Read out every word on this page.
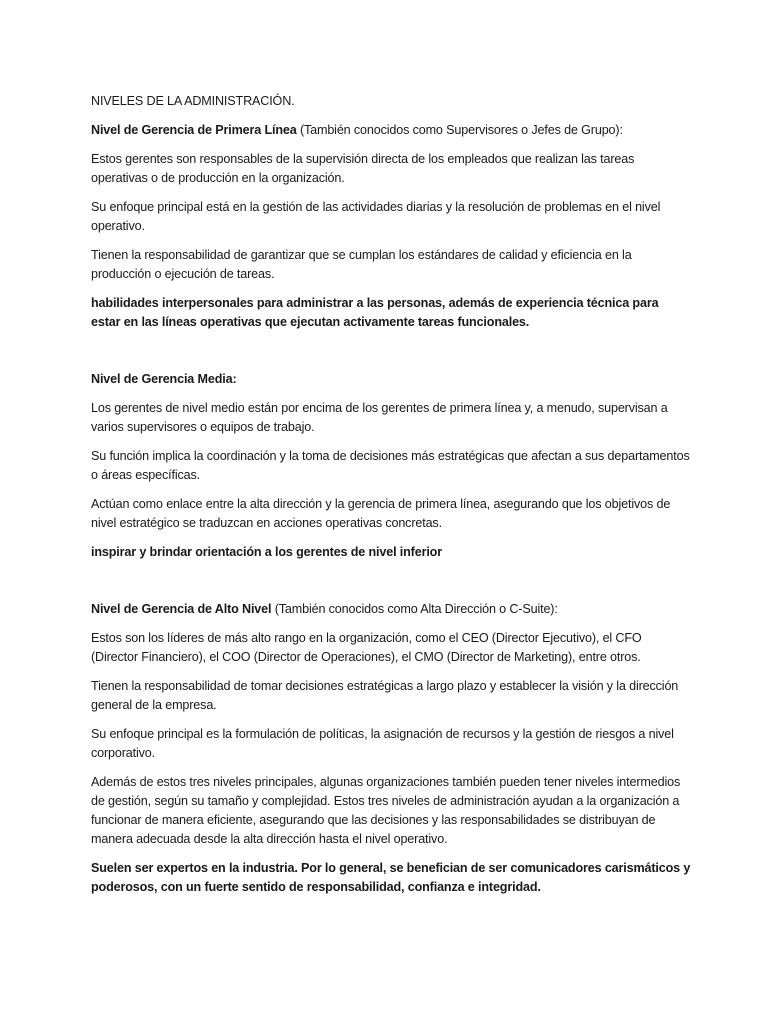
NIVELES DE LA ADMINISTRACIÓN.

Nivel de Gerencia de Primera Línea (También conocidos como Supervisores o Jefes de Grupo):

Estos gerentes son responsables de la supervisión directa de los empleados que realizan las tareas operativas o de producción en la organización.

Su enfoque principal está en la gestión de las actividades diarias y la resolución de problemas en el nivel operativo.

Tienen la responsabilidad de garantizar que se cumplan los estándares de calidad y eficiencia en la producción o ejecución de tareas.

habilidades interpersonales para administrar a las personas, además de experiencia técnica para estar en las líneas operativas que ejecutan activamente tareas funcionales.

Nivel de Gerencia Media:

Los gerentes de nivel medio están por encima de los gerentes de primera línea y, a menudo, supervisan a varios supervisores o equipos de trabajo.

Su función implica la coordinación y la toma de decisiones más estratégicas que afectan a sus departamentos o áreas específicas.

Actúan como enlace entre la alta dirección y la gerencia de primera línea, asegurando que los objetivos de nivel estratégico se traduzcan en acciones operativas concretas.

inspirar y brindar orientación a los gerentes de nivel inferior

Nivel de Gerencia de Alto Nivel (También conocidos como Alta Dirección o C-Suite):

Estos son los líderes de más alto rango en la organización, como el CEO (Director Ejecutivo), el CFO (Director Financiero), el COO (Director de Operaciones), el CMO (Director de Marketing), entre otros.

Tienen la responsabilidad de tomar decisiones estratégicas a largo plazo y establecer la visión y la dirección general de la empresa.

Su enfoque principal es la formulación de políticas, la asignación de recursos y la gestión de riesgos a nivel corporativo.

Además de estos tres niveles principales, algunas organizaciones también pueden tener niveles intermedios de gestión, según su tamaño y complejidad. Estos tres niveles de administración ayudan a la organización a funcionar de manera eficiente, asegurando que las decisiones y las responsabilidades se distribuyan de manera adecuada desde la alta dirección hasta el nivel operativo.

Suelen ser expertos en la industria. Por lo general, se benefician de ser comunicadores carismáticos y poderosos, con un fuerte sentido de responsabilidad, confianza e integridad.
